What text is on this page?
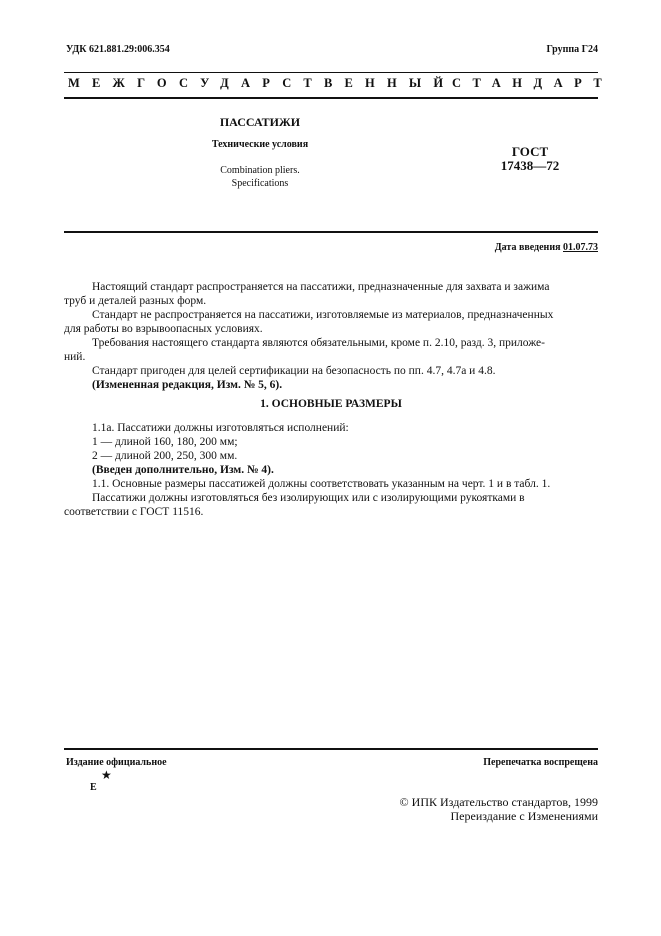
УДК 621.881.29:006.354	Группа Г24
МЕЖГОСУДАРСТВЕННЫЙ
СТАНДАРТ
ПАССАТИЖИ
Технические условия
Combination pliers.
Specifications
ГОСТ
17438—72
Дата введения 01.07.73
Настоящий стандарт распространяется на пассатижи, предназначенные для захвата и зажима
труб и деталей разных форм.
Стандарт не распространяется на пассатижи, изготовляемые из материалов, предназначенных
для работы во взрывоопасных условиях.
Требования настоящего стандарта являются обязательными, кроме п. 2.10, разд. 3, приложе-
ний.
Стандарт пригоден для целей сертификации на безопасность по пп. 4.7, 4.7а и 4.8.
(Измененная редакция, Изм. № 5, 6).
1. ОСНОВНЫЕ РАЗМЕРЫ
1.1а. Пассатижи должны изготовляться исполнений:
1 — длиной 160, 180, 200 мм;
2 — длиной 200, 250, 300 мм.
(Введен дополнительно, Изм. № 4).
1.1. Основные размеры пассатижей должны соответствовать указанным на черт. 1 и в табл. 1.
Пассатижи должны изготовляться без изолирующих или с изолирующими рукоятками в
соответствии с ГОСТ 11516.
Издание официальное	Перепечатка воспрещена
★
Е
© ИПК Издательство стандартов, 1999
Переиздание с Изменениями
